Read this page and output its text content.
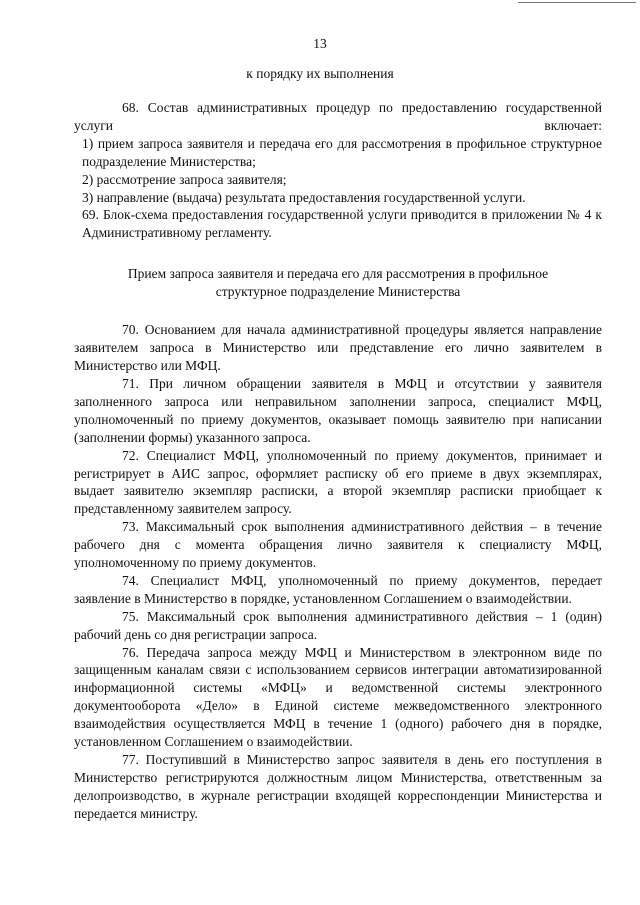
13
к порядку их выполнения

68. Состав административных процедур по предоставлению государственной услуги включает:

1) прием запроса заявителя и передача его для рассмотрения в профильное структурное подразделение Министерства;

2) рассмотрение запроса заявителя;

3) направление (выдача) результата предоставления государственной услуги.

69. Блок-схема предоставления государственной услуги приводится в приложении № 4 к Административному регламенту.

Прием запроса заявителя и передача его для рассмотрения в профильное структурное подразделение Министерства

70. Основанием для начала административной процедуры является направление заявителем запроса в Министерство или представление его лично заявителем в Министерство или МФЦ.

71. При личном обращении заявителя в МФЦ и отсутствии у заявителя заполненного запроса или неправильном заполнении запроса, специалист МФЦ, уполномоченный по приему документов, оказывает помощь заявителю при написании (заполнении формы) указанного запроса.

72. Специалист МФЦ, уполномоченный по приему документов, принимает и регистрирует в АИС запрос, оформляет расписку об его приеме в двух экземплярах, выдает заявителю экземпляр расписки, а второй экземпляр расписки приобщает к представленному заявителем запросу.

73. Максимальный срок выполнения административного действия – в течение рабочего дня с момента обращения лично заявителя к специалисту МФЦ, уполномоченному по приему документов.

74. Специалист МФЦ, уполномоченный по приему документов, передает заявление в Министерство в порядке, установленном Соглашением о взаимодействии.

75. Максимальный срок выполнения административного действия – 1 (один) рабочий день со дня регистрации запроса.

76. Передача запроса между МФЦ и Министерством в электронном виде по защищенным каналам связи с использованием сервисов интеграции автоматизированной информационной системы «МФЦ» и ведомственной системы электронного документооборота «Дело» в Единой системе межведомственного электронного взаимодействия осуществляется МФЦ в течение 1 (одного) рабочего дня в порядке, установленном Соглашением о взаимодействии.

77. Поступивший в Министерство запрос заявителя в день его поступления в Министерство регистрируются должностным лицом Министерства, ответственным за делопроизводство, в журнале регистрации входящей корреспонденции Министерства и передается министру.
